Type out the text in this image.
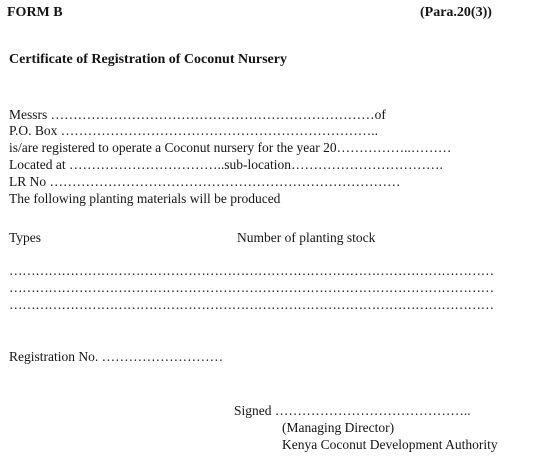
FORM B	(Para.20(3))
Certificate of Registration of Coconut Nursery
Messrs ………………………………………………………………of
P.O. Box ……………………………………………………………..
is/are registered to operate a Coconut nursery for the year 20……………..………
Located at ……………………………..sub-location…………………………….
LR No ……………………………………………………………………
The following planting materials will be produced
Types	Number of planting stock
…………………………………………………………………………………………………
…………………………………………………………………………………………………
…………………………………………………………………………………………………
Registration No. ………………………
Signed ……………………………………..
(Managing Director)
Kenya Coconut Development Authority
